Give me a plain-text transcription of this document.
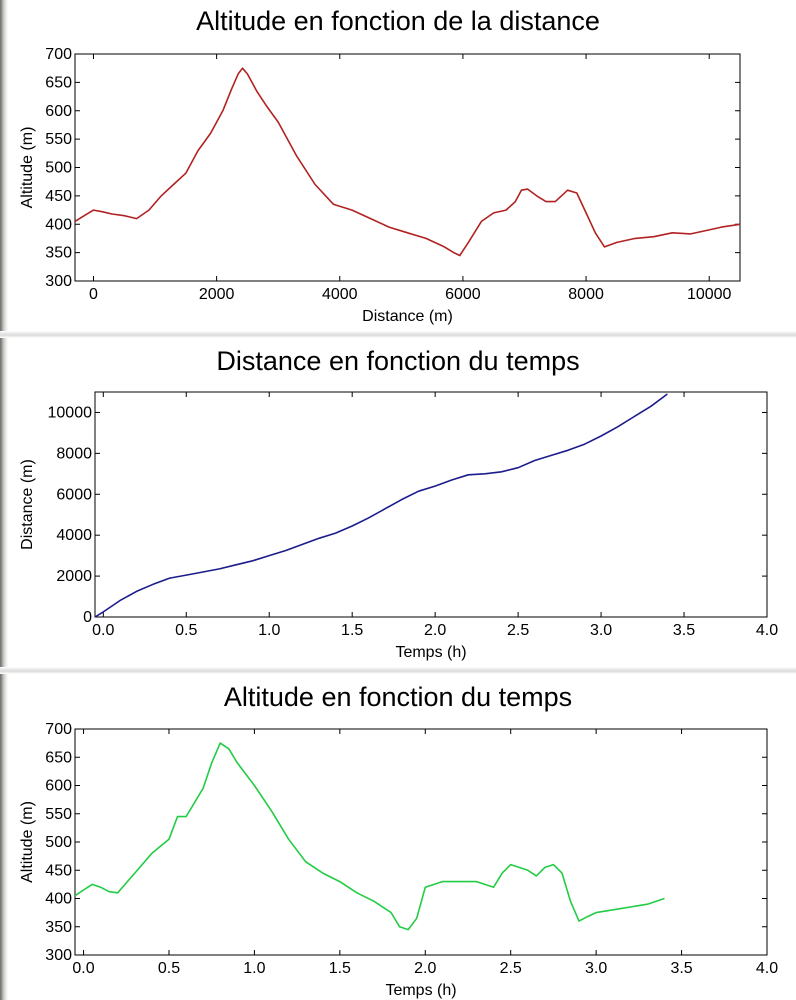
Altitude en fonction de la distance
0	2000	4000	6000	8000	10000
300
350
400
450
500
550
600
650
700
Distance (m)
Altitude (m)
Distance en fonction du temps
0.0	0.5	1.0	1.5	2.0	2.5	3.0	3.5	4.0
0
2000
4000
6000
8000
10000
Temps (h)
Distance (m)
Altitude en fonction du temps
0.0	0.5	1.0	1.5	2.0	2.5	3.0	3.5	4.0
300
350
400
450
500
550
600
650
700
Temps (h)
Altitude (m)
